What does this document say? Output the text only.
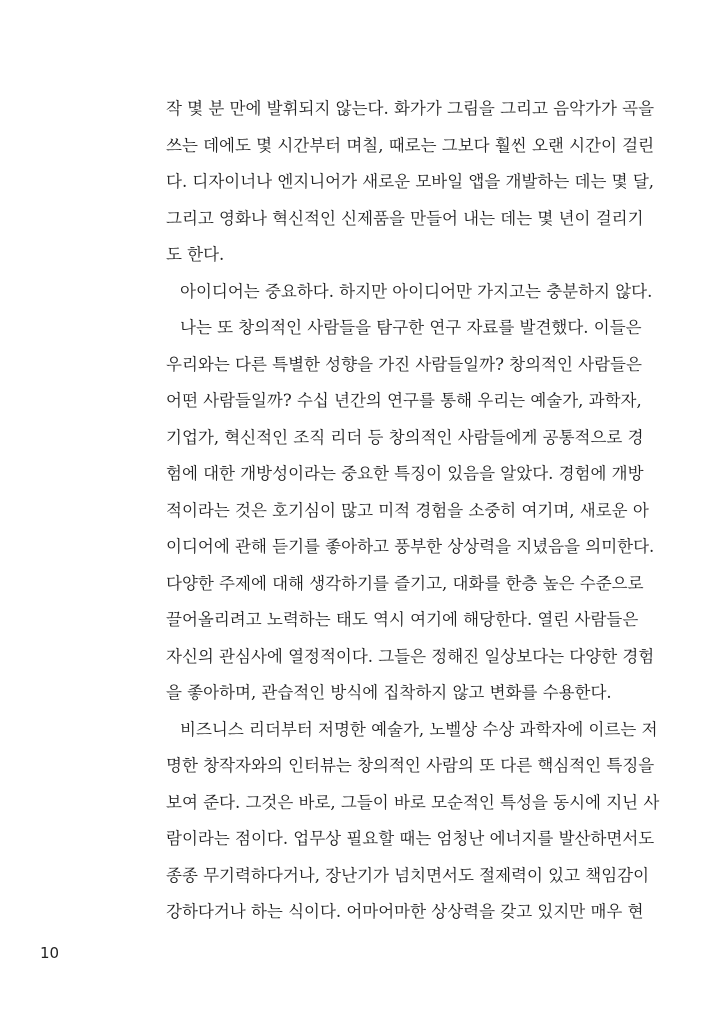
작 몇 분 만에 발휘되지 않는다. 화가가 그림을 그리고 음악가가 곡을
쓰는 데에도 몇 시간부터 며칠, 때로는 그보다 훨씬 오랜 시간이 걸린
다. 디자이너나 엔지니어가 새로운 모바일 앱을 개발하는 데는 몇 달,
그리고 영화나 혁신적인 신제품을 만들어 내는 데는 몇 년이 걸리기
도 한다.
아이디어는 중요하다. 하지만 아이디어만 가지고는 충분하지 않다.
나는 또 창의적인 사람들을 탐구한 연구 자료를 발견했다. 이들은
우리와는 다른 특별한 성향을 가진 사람들일까? 창의적인 사람들은
어떤 사람들일까? 수십 년간의 연구를 통해 우리는 예술가, 과학자,
기업가, 혁신적인 조직 리더 등 창의적인 사람들에게 공통적으로 경
험에 대한 개방성이라는 중요한 특징이 있음을 알았다. 경험에 개방
적이라는 것은 호기심이 많고 미적 경험을 소중히 여기며, 새로운 아
이디어에 관해 듣기를 좋아하고 풍부한 상상력을 지녔음을 의미한다.
다양한 주제에 대해 생각하기를 즐기고, 대화를 한층 높은 수준으로
끌어올리려고 노력하는 태도 역시 여기에 해당한다. 열린 사람들은
자신의 관심사에 열정적이다. 그들은 정해진 일상보다는 다양한 경험
을 좋아하며, 관습적인 방식에 집착하지 않고 변화를 수용한다.
비즈니스 리더부터 저명한 예술가, 노벨상 수상 과학자에 이르는 저
명한 창작자와의 인터뷰는 창의적인 사람의 또 다른 핵심적인 특징을
보여 준다. 그것은 바로, 그들이 바로 모순적인 특성을 동시에 지닌 사
람이라는 점이다. 업무상 필요할 때는 엄청난 에너지를 발산하면서도
종종 무기력하다거나, 장난기가 넘치면서도 절제력이 있고 책임감이
강하다거나 하는 식이다. 어마어마한 상상력을 갖고 있지만 매우 현
10
